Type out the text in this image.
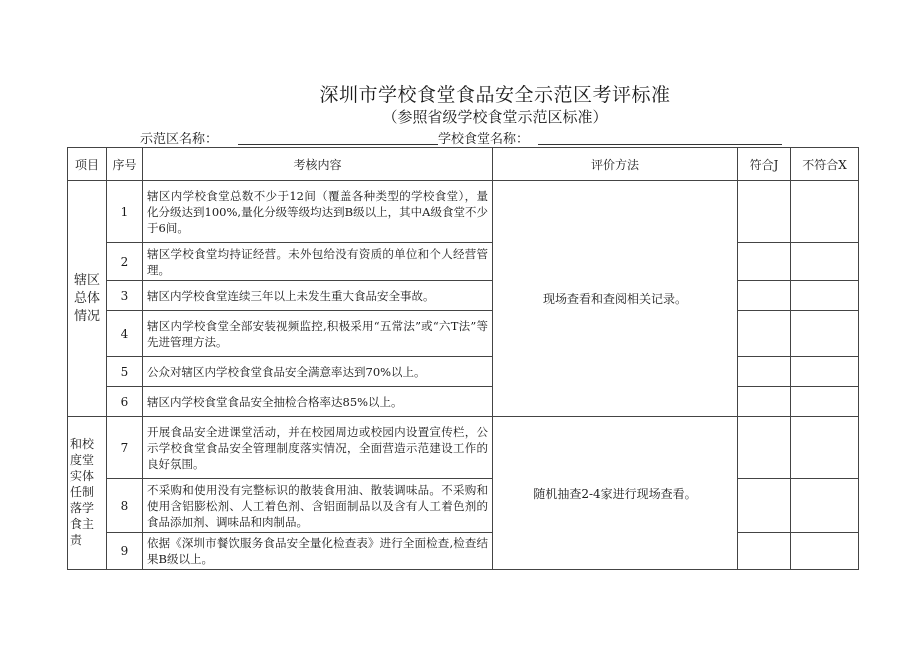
深圳市学校食堂食品安全示范区考评标准
（参照省级学校食堂示范区标准）
示范区名称：	学校食堂名称：
项目	序号	考核内容	评价方法	符合J	不符合X
辖区总体情况	1	辖区内学校食堂总数不少于12间（覆盖各种类型的学校食堂），量化分级达到100%,量化分级等级均达到B级以上，其中A级食堂不少于6间。	现场查看和查阅相关记录。		
	2	辖区学校食堂均持证经营。未外包给没有资质的单位和个人经营管理。			
	3	辖区内学校食堂连续三年以上未发生重大食品安全事故。			
	4	辖区内学校食堂全部安装视频监控,积极采用“五常法”或“六T法”等先进管理方法。			
	5	公众对辖区内学校食堂食品安全满意率达到70%以上。			
	6	辖区内学校食堂食品安全抽检合格率达85%以上。			
和校度堂实体任制落学食主责	7	开展食品安全进课堂活动，并在校园周边或校园内设置宣传栏，公示学校食堂食品安全管理制度落实情况，全面营造示范建设工作的良好氛围。	随机抽查2-4家进行现场查看。		
	8	不采购和使用没有完整标识的散装食用油、散装调味品。不采购和使用含铝膨松剂、人工着色剂、含铝面制品以及含有人工着色剂的食品添加剂、调味品和肉制品。			
	9	依据《深圳市餐饮服务食品安全量化检查表》进行全面检查,检查结果B级以上。			
